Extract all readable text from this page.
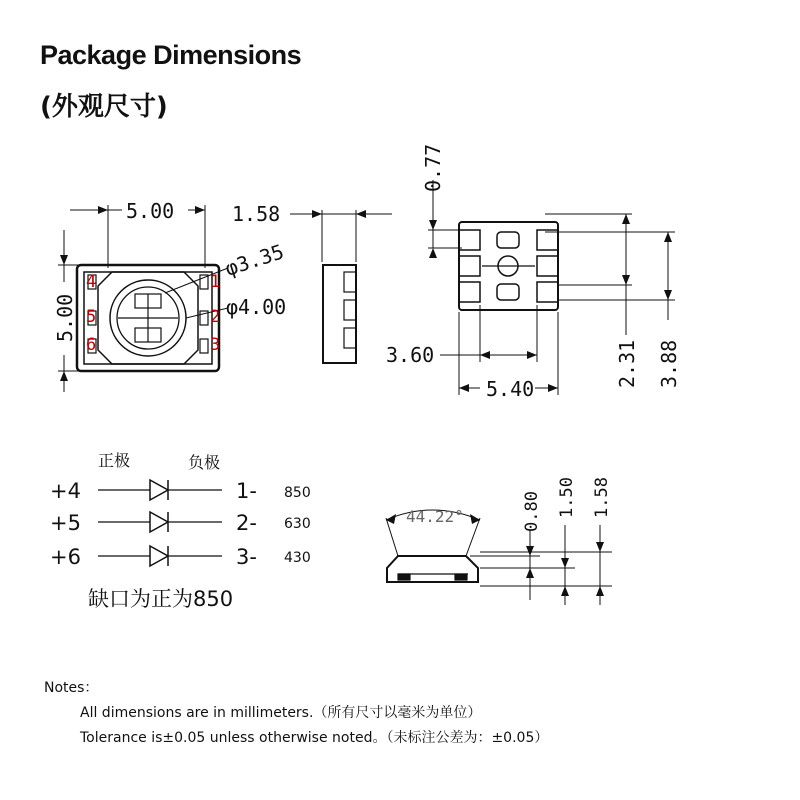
Package Dimensions
(外观尺寸)
5.00
5.00
φ3.35
φ4.00
4
5
6
1
2
3
1.58
0.77
3.60
5.40
2.31 3.88
正极	负极
+4
+5
+6
1-
2-
3-
850
630
430
缺口为正为850
44.22°	0.80 1.50 1.58
Notes：
All dimensions are in millimeters.（所有尺寸以毫米为单位）
Tolerance is±0.05 unless otherwise noted。（未标注公差为：±0.05）
